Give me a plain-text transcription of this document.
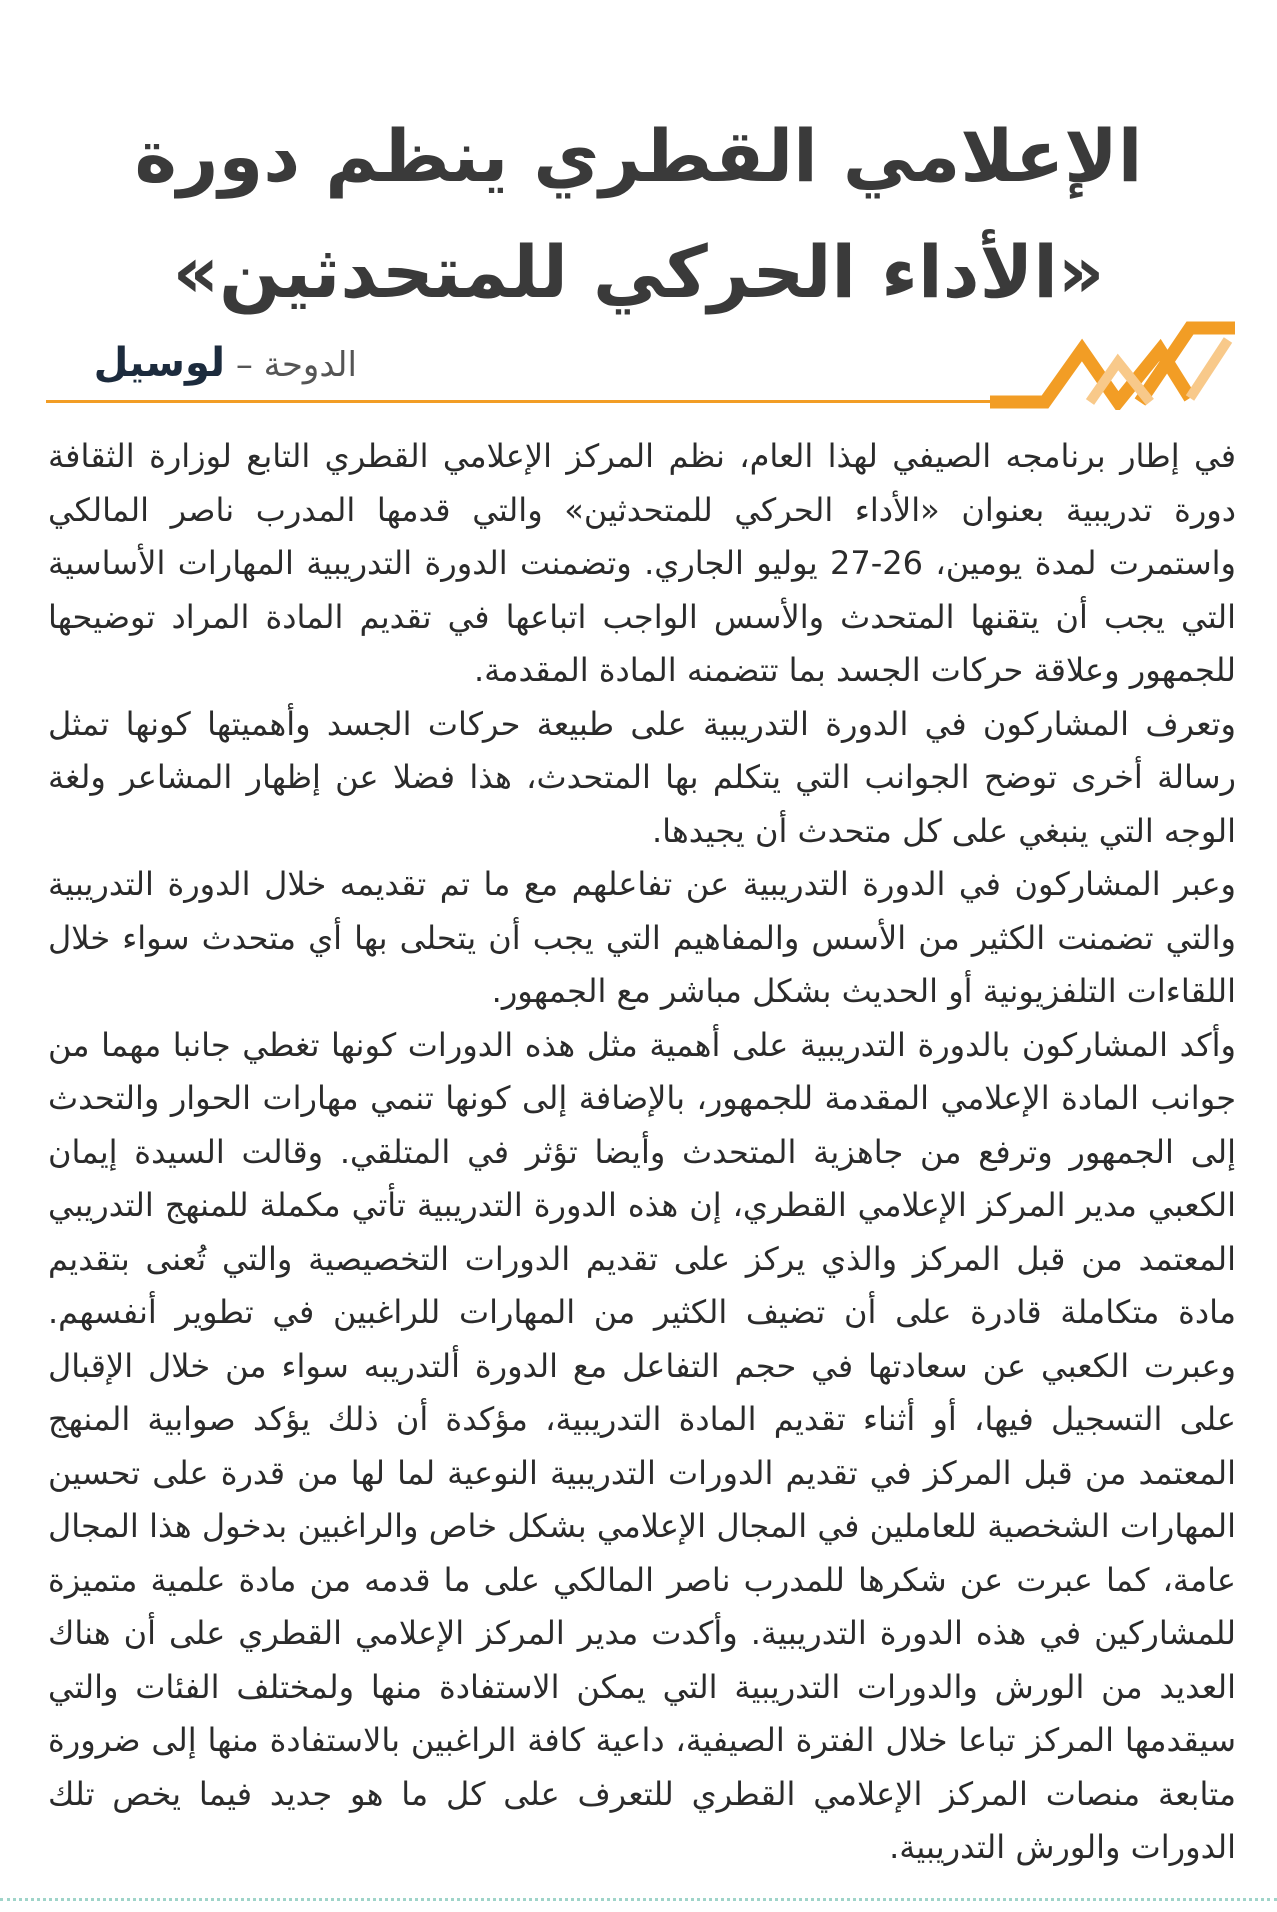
الإعلامي القطري ينظم دورة
«الأداء الحركي للمتحدثين»
الدوحة – لوسيل

في إطار برنامجه الصيفي لهذا العام، نظم المركز الإعلامي القطري التابع لوزارة الثقافة دورة تدريبية بعنوان «الأداء الحركي للمتحدثين» والتي قدمها المدرب ناصر المالكي واستمرت لمدة يومين، 26-27 يوليو الجاري. وتضمنت الدورة التدريبية المهارات الأساسية التي يجب أن يتقنها المتحدث والأسس الواجب اتباعها في تقديم المادة المراد توضيحها للجمهور وعلاقة حركات الجسد بما تتضمنه المادة المقدمة.

وتعرف المشاركون في الدورة التدريبية على طبيعة حركات الجسد وأهميتها كونها تمثل رسالة أخرى توضح الجوانب التي يتكلم بها المتحدث، هذا فضلا عن إظهار المشاعر ولغة الوجه التي ينبغي على كل متحدث أن يجيدها.

وعبر المشاركون في الدورة التدريبية عن تفاعلهم مع ما تم تقديمه خلال الدورة التدريبية والتي تضمنت الكثير من الأسس والمفاهيم التي يجب أن يتحلى بها أي متحدث سواء خلال اللقاءات التلفزيونية أو الحديث بشكل مباشر مع الجمهور.

وأكد المشاركون بالدورة التدريبية على أهمية مثل هذه الدورات كونها تغطي جانبا مهما من جوانب المادة الإعلامي المقدمة للجمهور، بالإضافة إلى كونها تنمي مهارات الحوار والتحدث إلى الجمهور وترفع من جاهزية المتحدث وأيضا تؤثر في المتلقي. وقالت السيدة إيمان الكعبي مدير المركز الإعلامي القطري، إن هذه الدورة التدريبية تأتي مكملة للمنهج التدريبي المعتمد من قبل المركز والذي يركز على تقديم الدورات التخصيصية والتي تُعنى بتقديم مادة متكاملة قادرة على أن تضيف الكثير من المهارات للراغبين في تطوير أنفسهم. وعبرت الكعبي عن سعادتها في حجم التفاعل مع الدورة ألتدريبه سواء من خلال الإقبال على التسجيل فيها، أو أثناء تقديم المادة التدريبية، مؤكدة أن ذلك يؤكد صوابية المنهج المعتمد من قبل المركز في تقديم الدورات التدريبية النوعية لما لها من قدرة على تحسين المهارات الشخصية للعاملين في المجال الإعلامي بشكل خاص والراغبين بدخول هذا المجال عامة، كما عبرت عن شكرها للمدرب ناصر المالكي على ما قدمه من مادة علمية متميزة للمشاركين في هذه الدورة التدريبية. وأكدت مدير المركز الإعلامي القطري على أن هناك العديد من الورش والدورات التدريبية التي يمكن الاستفادة منها ولمختلف الفئات والتي سيقدمها المركز تباعا خلال الفترة الصيفية، داعية كافة الراغبين بالاستفادة منها إلى ضرورة متابعة منصات المركز الإعلامي القطري للتعرف على كل ما هو جديد فيما يخص تلك الدورات والورش التدريبية.
